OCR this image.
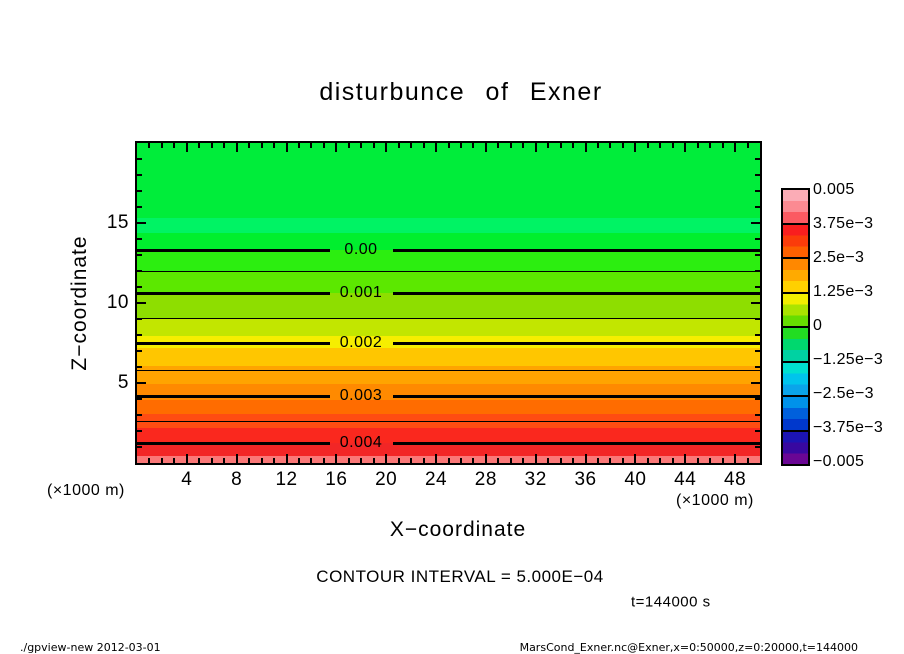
disturbunce of Exner
0.00
0.001
0.002
0.003
0.004
4 8 12 16 20 24 28 32 36 40 44 48
5
10
15
Z−coordinate
X−coordinate
(×1000 m)
(×1000 m)
0.005
3.75e−3
2.5e−3
1.25e−3
0
−1.25e−3
−2.5e−3
−3.75e−3
−0.005
CONTOUR INTERVAL = 5.000E−04
t=144000 s
./gpview-new 2012-03-01	MarsCond_Exner.nc@Exner,x=0:50000,z=0:20000,t=144000
